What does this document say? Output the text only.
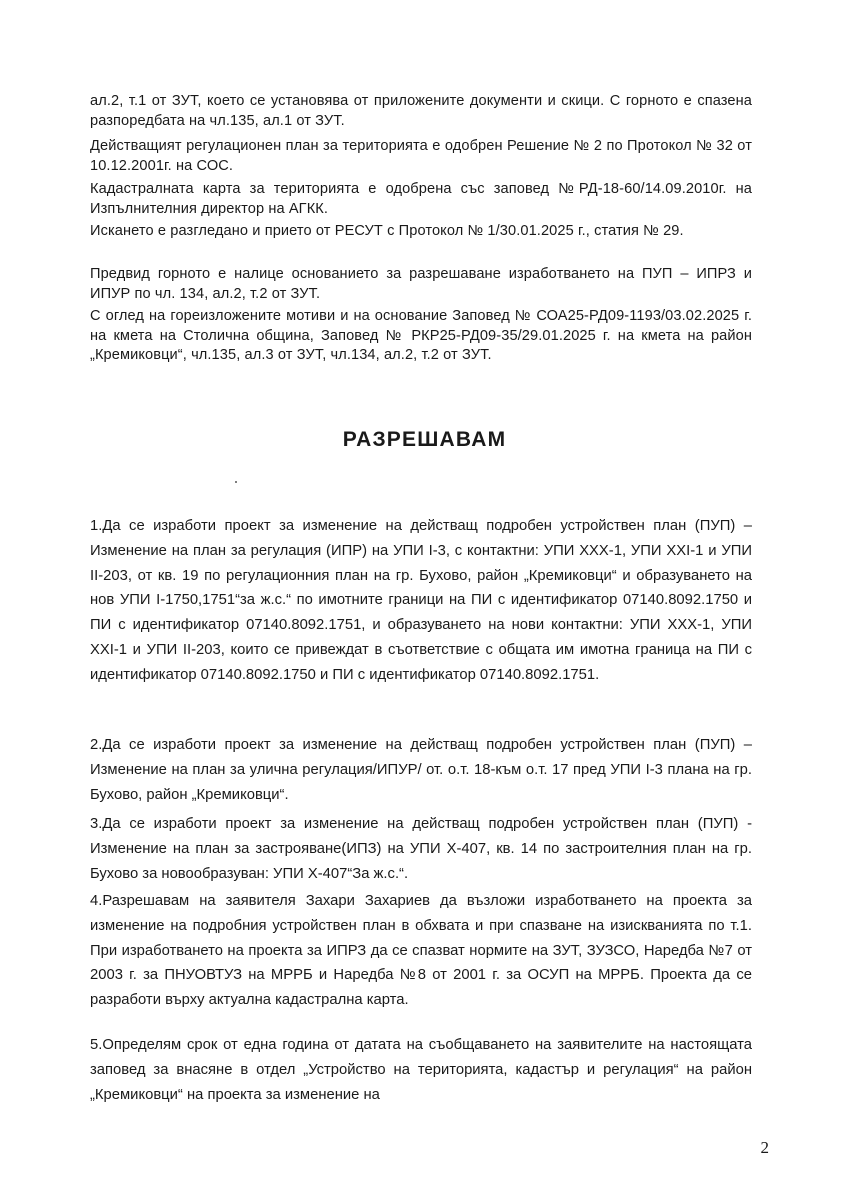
ал.2, т.1 от ЗУТ, което се установява от приложените документи и скици. С горното е спазена разпоредбата на чл.135, ал.1 от ЗУТ.

Действащият регулационен план за територията е одобрен Решение № 2 по Протокол № 32 от 10.12.2001г. на СОС.

Кадастралната карта за територията е одобрена със заповед №РД-18-60/14.09.2010г. на Изпълнителния директор на АГКК.

Искането е разгледано и прието от РЕСУТ с Протокол № 1/30.01.2025 г., статия № 29.

Предвид горното е налице основанието за разрешаване изработването на ПУП – ИПРЗ и ИПУР по чл. 134, ал.2, т.2 от ЗУТ.

С оглед на гореизложените мотиви и на основание Заповед № СОА25-РД09-1193/03.02.2025 г. на кмета на Столична община, Заповед № РКР25-РД09-35/29.01.2025 г. на кмета на район „Кремиковци“, чл.135, ал.3 от ЗУТ, чл.134, ал.2, т.2 от ЗУТ.

РАЗРЕШАВАМ

1.Да се изработи проект за изменение на действащ подробен устройствен план (ПУП) – Изменение на план за регулация (ИПР) на УПИ I-3, с контактни: УПИ XXX-1, УПИ XXI-1 и УПИ II-203, от кв. 19 по регулационния план на гр. Бухово, район „Кремиковци“ и образуването на нов УПИ I-1750,1751“за ж.с.“ по имотните граници на ПИ с идентификатор 07140.8092.1750 и ПИ с идентификатор 07140.8092.1751, и образуването на нови контактни: УПИ XXX-1, УПИ XXI-1 и УПИ II-203, които се привеждат в съответствие с общата им имотна граница на ПИ с идентификатор 07140.8092.1750 и ПИ с идентификатор 07140.8092.1751.

2.Да се изработи проект за изменение на действащ подробен устройствен план (ПУП) – Изменение на план за улична регулация/ИПУР/ от. о.т. 18-към о.т. 17 пред УПИ I-3 плана на гр. Бухово, район „Кремиковци“.

3.Да се изработи проект за изменение на действащ подробен устройствен план (ПУП) - Изменение на план за застрояване(ИПЗ) на УПИ X-407, кв. 14 по застроителния план на гр. Бухово за новообразуван: УПИ X-407“За ж.с.“.

4.Разрешавам на заявителя Захари Захариев да възложи изработването на проекта за изменение на подробния устройствен план в обхвата и при спазване на изискванията по т.1. При изработването на проекта за ИПРЗ да се спазват нормите на ЗУТ, ЗУЗСО, Наредба №7 от 2003 г. за ПНУОВТУЗ на МРРБ и Наредба №8 от 2001 г. за ОСУП на МРРБ. Проекта да се разработи върху актуална кадастрална карта.

5.Определям срок от една година от датата на съобщаването на заявителите на настоящата заповед за внасяне в отдел „Устройство на територията, кадастър и регулация“ на район „Кремиковци“ на проекта за изменение на

2
